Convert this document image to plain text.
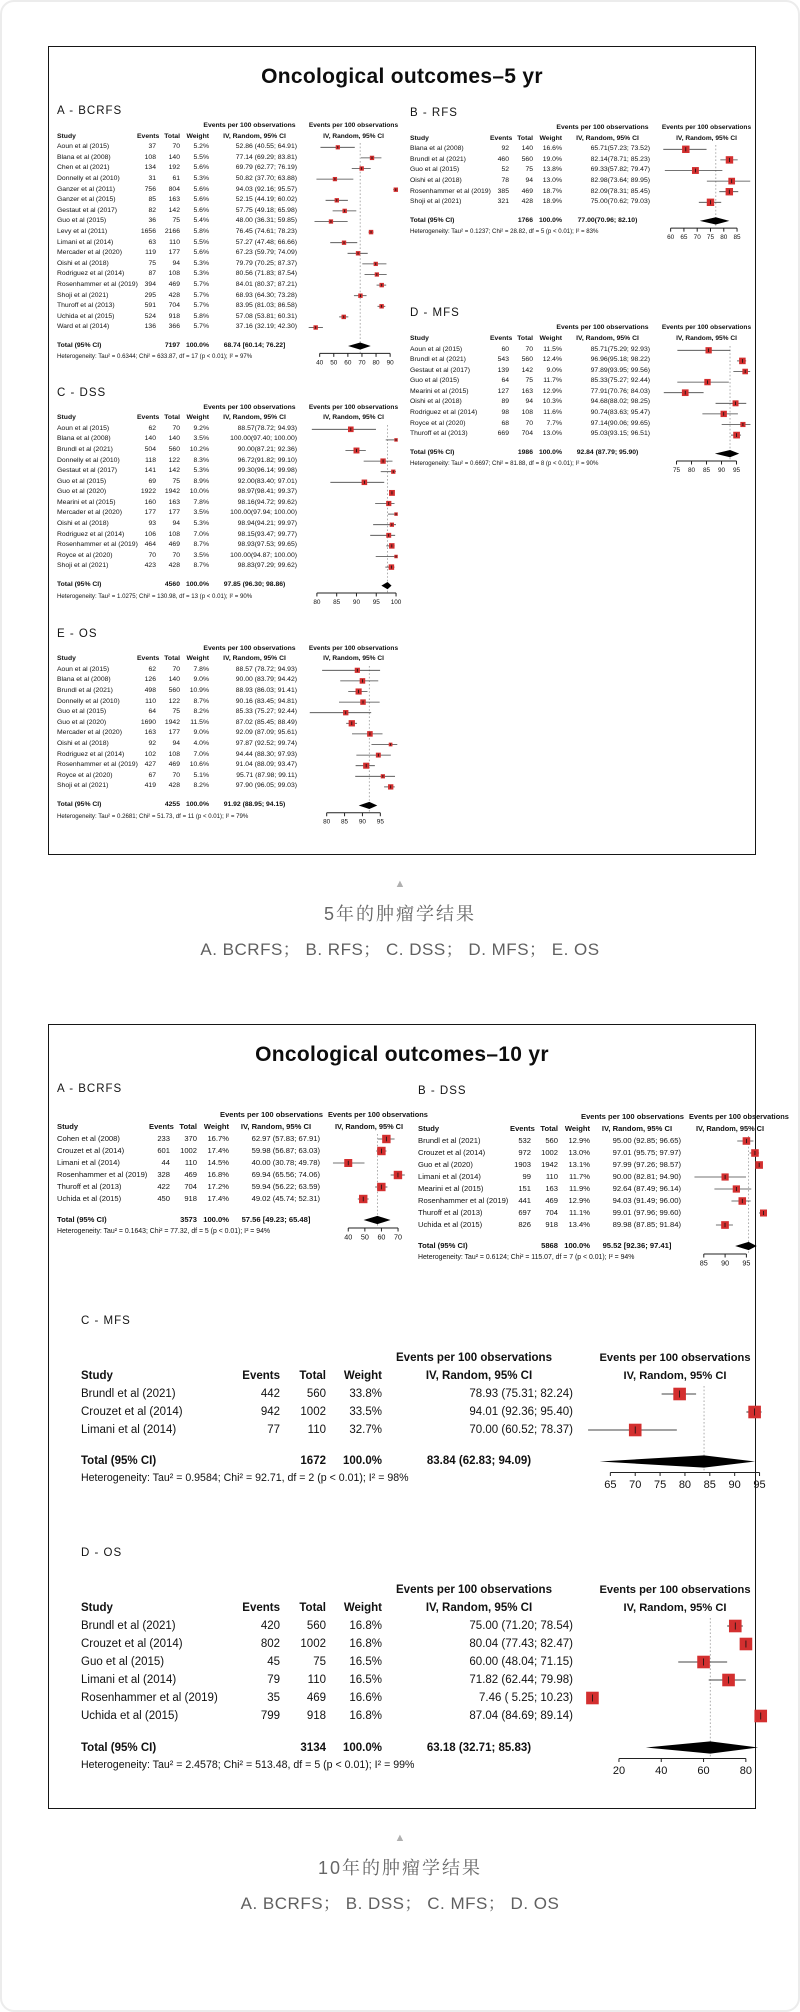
Oncological outcomes–5 yr
A - BCRFS
Events per 100 observations
Study	Events Total Weight	IV, Random, 95% CI
Aoun et al (2015)	37	70	5.2%	52.86 (40.55; 64.91)
Blana et al (2008)	108	140	5.5%	77.14 (69.29; 83.81)
Chen et al (2021)	134	192	5.6%	69.79 (62.77; 76.19)
Donnelly et al (2010)	31	61	5.3%	50.82 (37.70; 63.88)
Ganzer et al (2011)	756	804	5.6%	94.03 (92.16; 95.57)
Ganzer et al (2015)	85	163	5.6%	52.15 (44.19; 60.02)
Gestaut et al (2017)	82	142	5.6%	57.75 (49.18; 65.98)
Guo et al (2015)	36	75	5.4%	48.00 (36.31; 59.85)
Levy et al (2011)	1656	2166	5.8%	76.45 (74.61; 78.23)
Limani et al (2014)	63	110	5.5%	57.27 (47.48; 66.66)
Mercader et al (2020)	119	177	5.6%	67.23 (59.79; 74.09)
Oishi et al (2018)	75	94	5.3%	79.79 (70.25; 87.37)
Rodriguez et al (2014)	87	108	5.3%	80.56 (71.83; 87.54)
Rosenhammer et al (2019) 394	469	5.7%	84.01 (80.37; 87.21)
Shoji et al (2021)	295	428	5.7%	68.93 (64.30; 73.28)
Thuroff et al (2013)	591	704	5.7%	83.95 (81.03; 86.58)
Uchida et al (2015)	524	918	5.8%	57.08 (53.81; 60.31)
Ward et al (2014)	136	366	5.7%	37.16 (32.19; 42.30)
Total (95% CI)	7197 100.0%	68.74 [60.14; 76.22]
Heterogeneity: Tau² = 0.6344; Chi² = 633.87, df = 17 (p < 0.01); I² = 97%
Events per 100 observations
IV, Random, 95% CI
40 50 60 70 80 90
C - DSS
Events per 100 observations
Study	Events Total Weight	IV, Random, 95% CI
Aoun et al (2015)	62	70	9.2%	88.57(78.72; 94.93)
Blana et al (2008)	140	140	3.5%	100.00(97.40; 100.00)
Brundl et al (2021)	504	560	10.2%	90.00(87.21; 92.36)
Donnelly et al (2010)	118	122	8.3%	96.72(91.82; 99.10)
Gestaut et al (2017)	141	142	5.3%	99.30(96.14; 99.98)
Guo et al (2015)	69	75	8.9%	92.00(83.40; 97.01)
Guo et al (2020)	1922	1942	10.0%	98.97(98.41; 99.37)
Mearini et al (2015)	160	163	7.8%	98.16(94.72; 99.62)
Mercader et al (2020)	177	177	3.5%	100.00(97.94; 100.00)
Oishi et al (2018)	93	94	5.3%	98.94(94.21; 99.97)
Rodriguez et al (2014)	106	108	7.0%	98.15(93.47; 99.77)
Rosenhammer et al (2019) 464	469	8.7%	98.93(97.53; 99.65)
Royce et al (2020)	70	70	3.5%	100.00(94.87; 100.00)
Shoji et al (2021)	423	428	8.7%	98.83(97.29; 99.62)
Total (95% CI)	4560 100.0%	97.85 (96.30; 98.86)
Heterogeneity: Tau² = 1.0275; Chi² = 130.98, df = 13 (p < 0.01); I² = 90%
Events per 100 observations
IV, Random, 95% CI
80 85 90 95 100
E - OS
Events per 100 observations
Study	Events Total Weight	IV, Random, 95% CI
Aoun et al (2015)	62	70	7.8%	88.57 (78.72; 94.93)
Blana et al (2008)	126	140	9.0%	90.00 (83.79; 94.42)
Brundl et al (2021)	498	560	10.9%	88.93 (86.03; 91.41)
Donnelly et al (2010)	110	122	8.7%	90.16 (83.45; 94.81)
Guo et al (2015)	64	75	8.2%	85.33 (75.27; 92.44)
Guo et al (2020)	1690	1942	11.5%	87.02 (85.45; 88.49)
Mercader et al (2020)	163	177	9.0%	92.09 (87.09; 95.61)
Oishi et al (2018)	92	94	4.0%	97.87 (92.52; 99.74)
Rodriguez et al (2014)	102	108	7.0%	94.44 (88.30; 97.93)
Rosenhammer et al (2019) 427	469	10.6%	91.04 (88.09; 93.47)
Royce et al (2020)	67	70	5.1%	95.71 (87.98; 99.11)
Shoji et al (2021)	419	428	8.2%	97.90 (96.05; 99.03)
Total (95% CI)	4255 100.0%	91.92 (88.95; 94.15)
Heterogeneity: Tau² = 0.2681; Chi² = 51.73, df = 11 (p < 0.01); I² = 79%
Events per 100 observations
IV, Random, 95% CI
80 85 90 95
B - RFS
Events per 100 observations
Study	Events Total Weight	IV, Random, 95% CI
Blana et al (2008)	92	140	16.6%	65.71(57.23; 73.52)
Brundl et al (2021)	460	560	19.0%	82.14(78.71; 85.23)
Guo et al (2015)	52	75	13.8%	69.33(57.82; 79.47)
Oishi et al (2018)	78	94	13.0%	82.98(73.64; 89.95)
Rosenhammer et al (2019) 385	469	18.7%	82.09(78.31; 85.45)
Shoji et al (2021)	321	428	18.9%	75.00(70.62; 79.03)
Total (95% CI)	1766 100.0%	77.00(70.96; 82.10)
Heterogeneity: Tau² = 0.1237; Chi² = 28.82, df = 5 (p < 0.01); I² = 83%
Events per 100 observations
IV, Random, 95% CI
60 65 70 75 80 85
D - MFS
Events per 100 observations
Study	Events Total Weight	IV, Random, 95% CI
Aoun et al (2015)	60	70	11.5%	85.71(75.29; 92.93)
Brundl et al (2021)	543	560	12.4%	96.96(95.18; 98.22)
Gestaut et al (2017)	139	142	9.0%	97.89(93.95; 99.56)
Guo et al (2015)	64	75	11.7%	85.33(75.27; 92.44)
Mearini et al (2015)	127	163	12.9%	77.91(70.76; 84.03)
Oishi et al (2018)	89	94	10.3%	94.68(88.02; 98.25)
Rodriguez et al (2014)	98	108	11.6%	90.74(83.63; 95.47)
Royce et al (2020)	68	70	7.7%	97.14(90.06; 99.65)
Thuroff et al (2013)	669	704	13.0%	95.03(93.15; 96.51)
Total (95% CI)	1986 100.0%	92.84 (87.79; 95.90)
Heterogeneity: Tau² = 0.6697; Chi² = 81.88, df = 8 (p < 0.01); I² = 90%
Events per 100 observations
IV, Random, 95% CI
75 80 85 90 95
▲
5年的肿瘤学结果
A. BCRFS； B. RFS； C. DSS； D. MFS； E. OS
Oncological outcomes–10 yr
A - BCRFS
Events per 100 observations
Study	Events Total Weight	IV, Random, 95% CI
Cohen et al (2008)	233	370	16.7%	62.97 (57.83; 67.91)
Crouzet et al (2014)	601	1002	17.4%	59.98 (56.87; 63.03)
Limani et al (2014)	44	110	14.5%	40.00 (30.78; 49.78)
Rosenhammer et al (2019)	328	469	16.8%	69.94 (65.56; 74.06)
Thuroff et al (2013)	422	704	17.2%	59.94 (56.22; 63.59)
Uchida et al (2015)	450	918	17.4%	49.02 (45.74; 52.31)
Total (95% CI)	3573 100.0%	57.56 [49.23; 65.48]
Heterogeneity: Tau² = 0.1643; Chi² = 77.32, df = 5 (p < 0.01); I² = 94%
Events per 100 observations
IV, Random, 95% CI
40 50 60 70
B - DSS
Events per 100 observations
Study	Events Total Weight	IV, Random, 95% CI
Brundl et al (2021)	532	560	12.9%	95.00 (92.85; 96.65)
Crouzet et al (2014)	972	1002	13.0%	97.01 (95.75; 97.97)
Guo et al (2020)	1903	1942	13.1%	97.99 (97.26; 98.57)
Limani et al (2014)	99	110	11.7%	90.00 (82.81; 94.90)
Mearini et al (2015)	151	163	11.9%	92.64 (87.49; 96.14)
Rosenhammer et al (2019)	441	469	12.9%	94.03 (91.49; 96.00)
Thuroff et al (2013)	697	704	11.1%	99.01 (97.96; 99.60)
Uchida et al (2015)	826	918	13.4%	89.98 (87.85; 91.84)
Total (95% CI)	5868 100.0%	95.52 [92.36; 97.41]
Heterogeneity: Tau² = 0.6124; Chi² = 115.07, df = 7 (p < 0.01); I² = 94%
Events per 100 observations
IV, Random, 95% CI
85 90 95
C - MFS
Events per 100 observations
Study	Events	Total	Weight	IV, Random, 95% CI
Brundl et al (2021)	442	560	33.8%	78.93 (75.31; 82.24)
Crouzet et al (2014)	942	1002	33.5%	94.01 (92.36; 95.40)
Limani et al (2014)	77	110	32.7%	70.00 (60.52; 78.37)
Total (95% CI)	1672	100.0%	83.84 (62.83; 94.09)
Heterogeneity: Tau² = 0.9584; Chi² = 92.71, df = 2 (p < 0.01); I² = 98%
Events per 100 observations
IV, Random, 95% CI
65 70 75 80 85 90 95
D - OS
Events per 100 observations
Study	Events	Total	Weight	IV, Random, 95% CI
Brundl et al (2021)	420	560	16.8%	75.00 (71.20; 78.54)
Crouzet et al (2014)	802	1002	16.8%	80.04 (77.43; 82.47)
Guo et al (2015)	45	75	16.5%	60.00 (48.04; 71.15)
Limani et al (2014)	79	110	16.5%	71.82 (62.44; 79.98)
Rosenhammer et al (2019)	35	469	16.6%	7.46 ( 5.25; 10.23)
Uchida et al (2015)	799	918	16.8%	87.04 (84.69; 89.14)
Total (95% CI)	3134	100.0%	63.18 (32.71; 85.83)
Heterogeneity: Tau² = 2.4578; Chi² = 513.48, df = 5 (p < 0.01); I² = 99%
Events per 100 observations
IV, Random, 95% CI
20	40	60	80
▲
10年的肿瘤学结果
A. BCRFS； B. DSS； C. MFS； D. OS
